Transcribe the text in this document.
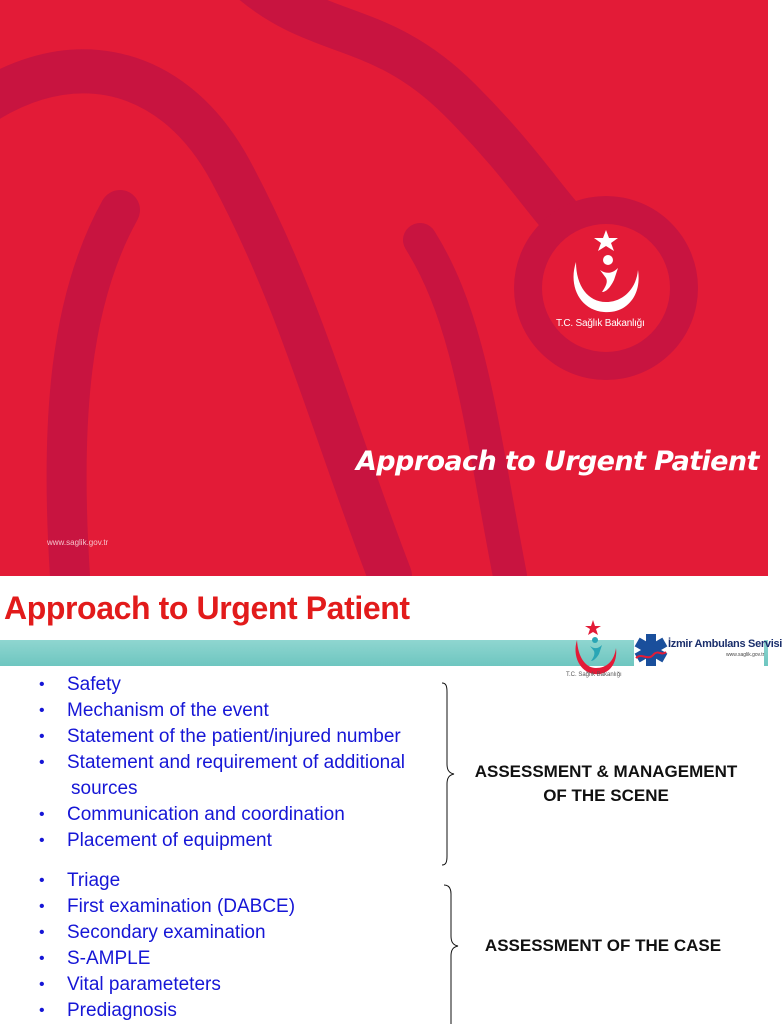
T.C. Sağlık Bakanlığı
Approach to Urgent Patient
www.saglik.gov.tr
Approach to Urgent Patient
T.C. Sağlık Bakanlığı
İzmir Ambulans Servisi
www.saglik.gov.tr
• Safety
• Mechanism of the event
• Statement of the patient/injured number
• Statement and requirement of additional
sources
• Communication and coordination
• Placement of equipment
ASSESSMENT & MANAGEMENT
OF THE SCENE
• Triage
• First examination (DABCE)
• Secondary examination
• S-AMPLE
• Vital parameteters
• Prediagnosis
ASSESSMENT OF THE CASE
